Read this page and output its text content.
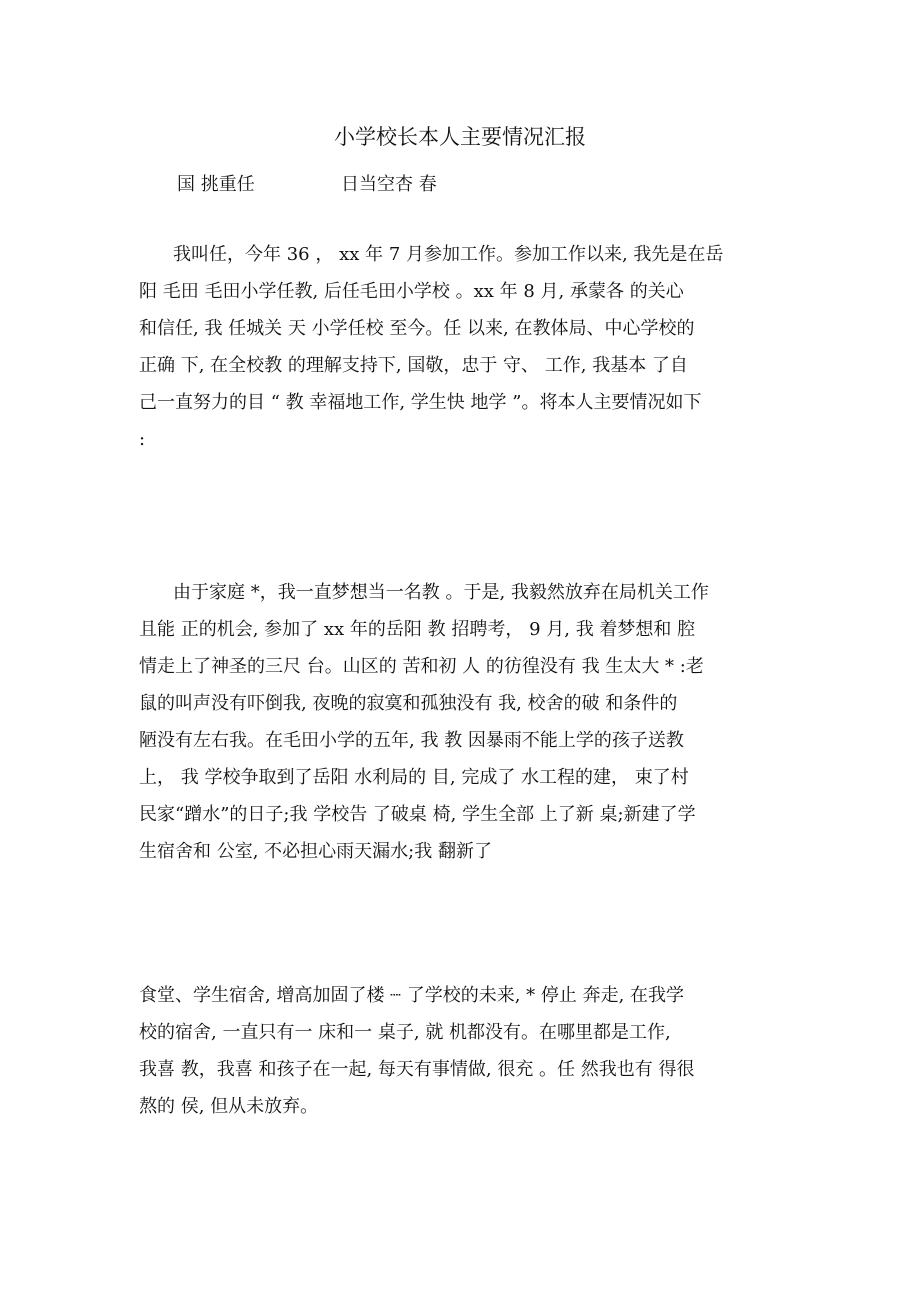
小学校长本人主要情况汇报
国 挑重任	日当空杏 春
我叫任，今年 36 ， xx 年 7 月参加工作。参加工作以来, 我先是在岳
阳 毛田 毛田小学任教, 后任毛田小学校 。xx 年 8 月, 承蒙各 的关心
和信任, 我 任城关 天 小学任校 至今。任 以来, 在教体局、中心学校的
正确 下, 在全校教 的理解支持下, 国敬，忠于 守、 工作, 我基本 了自
己一直努力的目 “ 教 幸福地工作, 学生快 地学 ”。将本人主要情况如下
:
由于家庭 *，我一直梦想当一名教 。于是, 我毅然放弃在局机关工作
且能 正的机会, 参加了 xx 年的岳阳 教 招聘考， 9 月, 我 着梦想和 腔
情走上了神圣的三尺 台。山区的 苦和初 人 的彷徨没有 我 生太大 * :老
鼠的叫声没有吓倒我, 夜晚的寂寞和孤独没有 我, 校舍的破 和条件的
陋没有左右我。在毛田小学的五年, 我 教 因暴雨不能上学的孩子送教
上， 我 学校争取到了岳阳 水利局的 目, 完成了 水工程的建， 束了村
民家“蹭水”的日子;我 学校告 了破桌 椅, 学生全部 上了新 桌;新建了学
生宿舍和 公室, 不必担心雨天漏水;我 翻新了
食堂、学生宿舍, 增高加固了楼 ┈ 了学校的未来, * 停止 奔走, 在我学
校的宿舍, 一直只有一 床和一 桌子, 就 机都没有。在哪里都是工作,
我喜 教，我喜 和孩子在一起, 每天有事情做, 很充 。任 然我也有 得很
熬的 侯, 但从未放弃。
